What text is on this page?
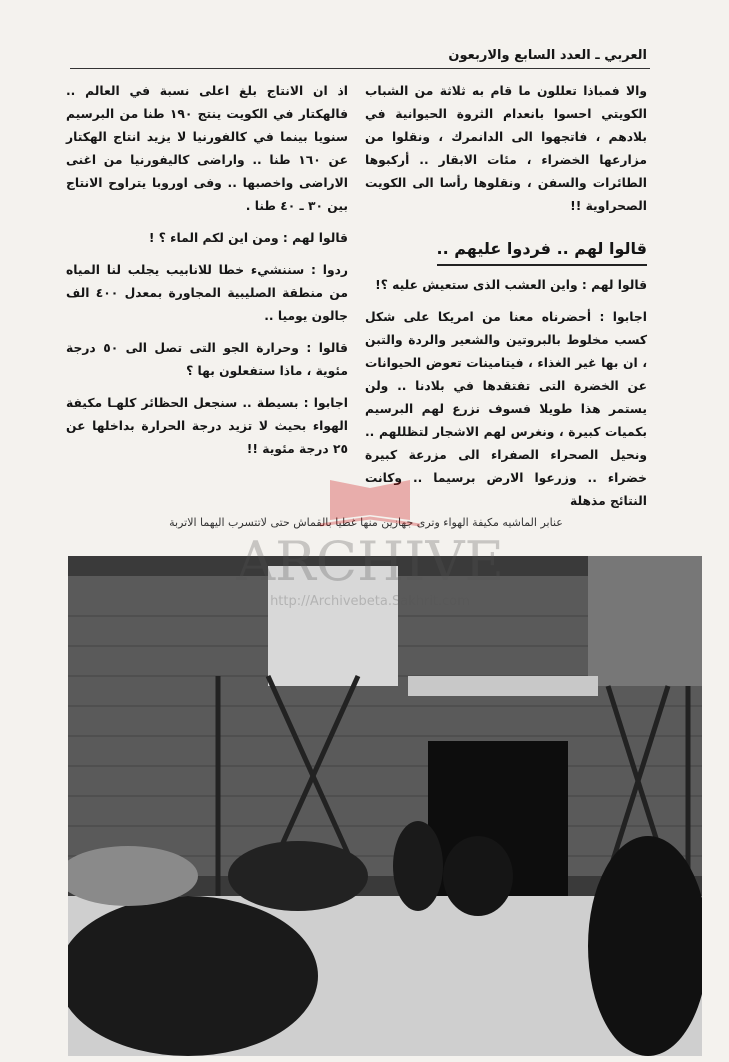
العربي ـ العدد السابع والاربعون

والا فمباذا تعللون ما قام به ثلاثة من الشباب الكويتي احسوا بانعدام الثروة الحيوانية في بلادهم ، فاتجهوا الى الدانمرك ، ونقلوا من مزارعها الخضراء ، مئات الابقار .. أركبوها الطائرات والسفن ، ونقلوها رأسا الى الكويت الصحراوية !!

قالوا لهم .. فردوا عليهم ..

قالوا لهم : واين العشب الذى ستعيش عليه ؟!

اجابوا : أحضرناه معنا من امريكا على شكل كسب مخلوط بالبروتين والشعير والردة والتبن ، ان بها غير الغذاء ، فيتامينات تعوض الحيوانات عن الخضرة التى تفتقدها في بلادنا .. ولن يستمر هذا طويلا فسوف نزرع لهم البرسيم بكميات كبيرة ، ونغرس لهم الاشجار لتظللهم .. ونحيل الصحراء الصفراء الى مزرعة كبيرة خضراء .. وزرعوا الارض برسيما .. وكانت النتائج مذهلة

اذ ان الانتاج بلغ اعلى نسبة في العالم .. فالهكتار في الكويت ينتج ١٩٠ طنا من البرسيم سنويا بينما في كالفورنيا لا يزيد انتاج الهكتار عن ١٦٠ طنا .. واراضى كاليفورنيا من اغنى الاراضى واخصبها .. وفى اوروبا يتراوح الانتاج بين ٣٠ ـ ٤٠ طنا .

قالوا لهم : ومن اين لكم الماء ؟ !

ردوا : سننشيء خطا للانابيب يجلب لنا المياه من منطقة الصليبية المجاورة بمعدل ٤٠٠ الف جالون يوميا ..

قالوا : وحرارة الجو التى تصل الى ٥٠ درجة مئوية ، ماذا ستفعلون بها ؟

اجابوا : بسيطة .. سنجعل الحظائر كلهـا مكيفة الهواء بحيث لا تزيد درجة الحرارة بداخلها عن ٢٥ درجة مئوية !!

عنابر الماشيه مكيفة الهواء وترى جهازين منها غطيا بالقماش حتى لاتتسرب اليهما الاتربة
ARCHIVE
http://Archivebeta.Sakhrit.com
